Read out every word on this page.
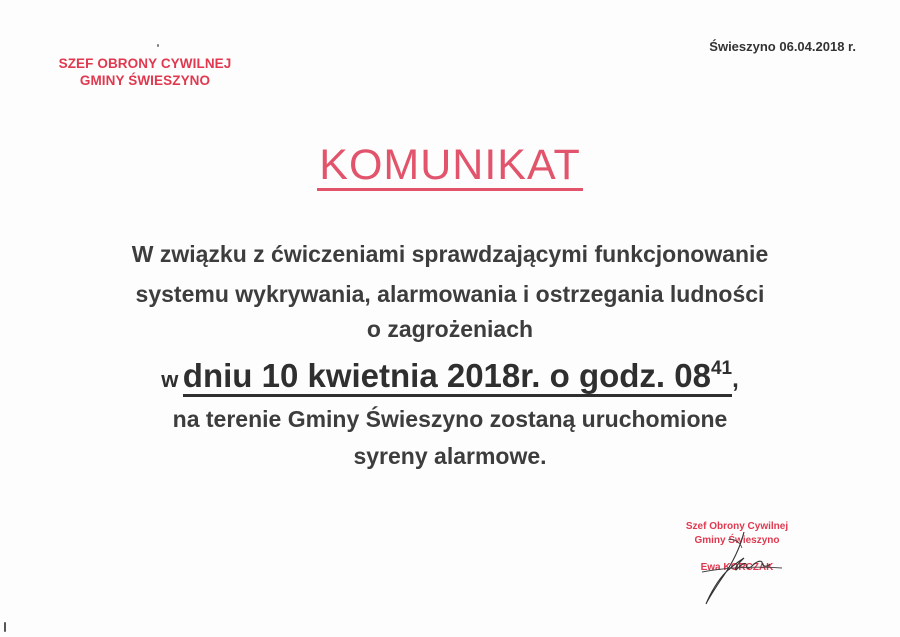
SZEF OBRONY CYWILNEJ
GMINY ŚWIESZYNO
Świeszyno 06.04.2018 r.
KOMUNIKAT
W związku z ćwiczeniami sprawdzającymi funkcjonowanie
systemu wykrywania, alarmowania i ostrzegania ludności
o zagrożeniach
w dniu 10 kwietnia 2018r. o godz. $08^{41}$,
na terenie Gminy Świeszyno zostaną uruchomione
syreny alarmowe.
Szef Obrony Cywilnej
Gminy Świeszyno
Ewa KORCZAK
